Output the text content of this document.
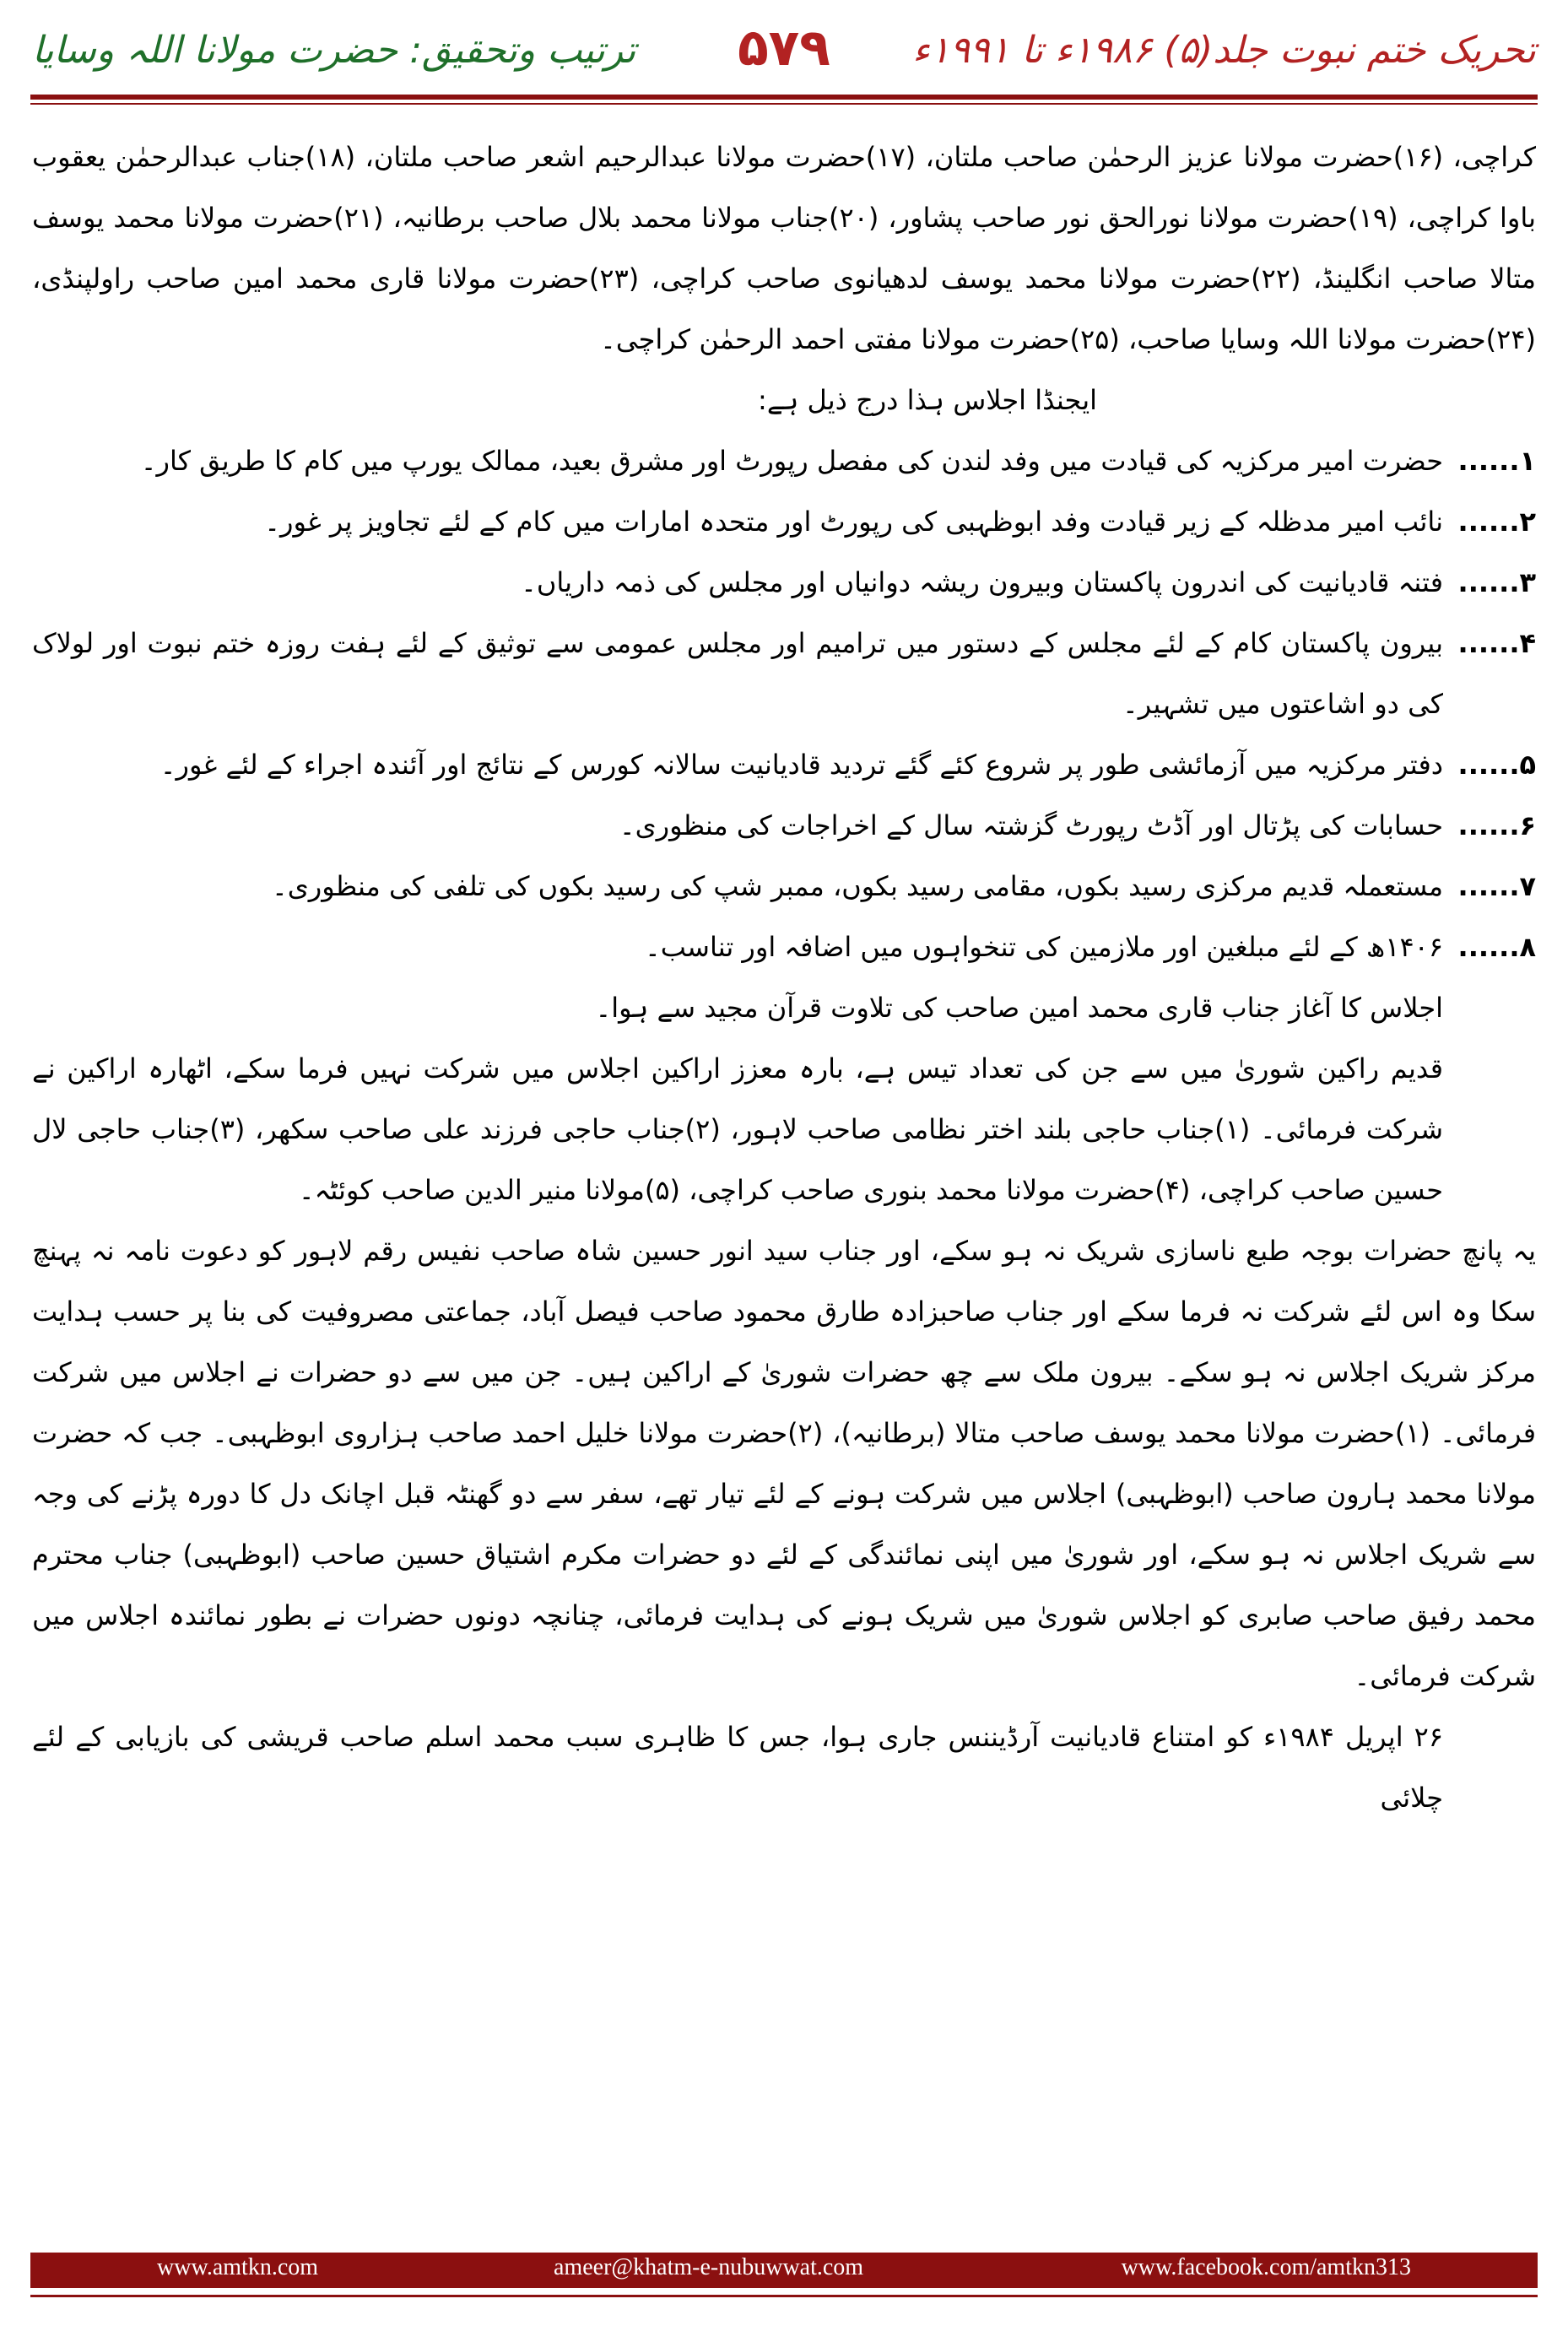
ترتیب وتحقیق: حضرت مولانا اللہ وسایا	۵۷۹	تحریک ختم نبوت جلد(۵) ۱۹۸۶ء تا ۱۹۹۱ء

کراچی، (۱۶)حضرت مولانا عزیز الرحمٰن صاحب ملتان، (۱۷)حضرت مولانا عبدالرحیم اشعر صاحب ملتان، (۱۸)جناب عبدالرحمٰن یعقوب باوا کراچی، (۱۹)حضرت مولانا نورالحق نور صاحب پشاور، (۲۰)جناب مولانا محمد بلال صاحب برطانیہ، (۲۱)حضرت مولانا محمد یوسف متالا صاحب انگلینڈ، (۲۲)حضرت مولانا محمد یوسف لدھیانوی صاحب کراچی، (۲۳)حضرت مولانا قاری محمد امین صاحب راولپنڈی، (۲۴)حضرت مولانا اللہ وسایا صاحب، (۲۵)حضرت مولانا مفتی احمد الرحمٰن کراچی۔

ایجنڈا اجلاس ہذا درج ذیل ہے:

۱......
حضرت امیر مرکزیہ کی قیادت میں وفد لندن کی مفصل رپورٹ اور مشرق بعید، ممالک یورپ میں کام کا طریق کار۔
۲......
نائب امیر مدظلہ کے زیر قیادت وفد ابوظہبی کی رپورٹ اور متحدہ امارات میں کام کے لئے تجاویز پر غور۔
۳......
فتنہ قادیانیت کی اندرون پاکستان وبیرون ریشہ دوانیاں اور مجلس کی ذمہ داریاں۔
۴......
بیرون پاکستان کام کے لئے مجلس کے دستور میں ترامیم اور مجلس عمومی سے توثیق کے لئے ہفت روزہ ختم نبوت اور لولاک کی دو اشاعتوں میں تشہیر۔
۵......
دفتر مرکزیہ میں آزمائشی طور پر شروع کئے گئے تردید قادیانیت سالانہ کورس کے نتائج اور آئندہ اجراء کے لئے غور۔
۶......
حسابات کی پڑتال اور آڈٹ رپورٹ گزشتہ سال کے اخراجات کی منظوری۔
۷......
مستعملہ قدیم مرکزی رسید بکوں، مقامی رسید بکوں، ممبر شپ کی رسید بکوں کی تلفی کی منظوری۔
۸......
۱۴۰۶ھ کے لئے مبلغین اور ملازمین کی تنخواہوں میں اضافہ اور تناسب۔

اجلاس کا آغاز جناب قاری محمد امین صاحب کی تلاوت قرآن مجید سے ہوا۔

قدیم راکین شوریٰ میں سے جن کی تعداد تیس ہے، بارہ معزز اراکین اجلاس میں شرکت نہیں فرما سکے، اٹھارہ اراکین نے شرکت فرمائی۔ (۱)جناب حاجی بلند اختر نظامی صاحب لاہور، (۲)جناب حاجی فرزند علی صاحب سکھر، (۳)جناب حاجی لال حسین صاحب کراچی، (۴)حضرت مولانا محمد بنوری صاحب کراچی، (۵)مولانا منیر الدین صاحب کوئٹہ۔

یہ پانچ حضرات بوجہ طبع ناسازی شریک نہ ہو سکے، اور جناب سید انور حسین شاہ صاحب نفیس رقم لاہور کو دعوت نامہ نہ پہنچ سکا وہ اس لئے شرکت نہ فرما سکے اور جناب صاحبزادہ طارق محمود صاحب فیصل آباد، جماعتی مصروفیت کی بنا پر حسب ہدایت مرکز شریک اجلاس نہ ہو سکے۔ بیرون ملک سے چھ حضرات شوریٰ کے اراکین ہیں۔ جن میں سے دو حضرات نے اجلاس میں شرکت فرمائی۔ (۱)حضرت مولانا محمد یوسف صاحب متالا (برطانیہ)، (۲)حضرت مولانا خلیل احمد صاحب ہزاروی ابوظہبی۔ جب کہ حضرت مولانا محمد ہارون صاحب (ابوظہبی) اجلاس میں شرکت ہونے کے لئے تیار تھے، سفر سے دو گھنٹہ قبل اچانک دل کا دورہ پڑنے کی وجہ سے شریک اجلاس نہ ہو سکے، اور شوریٰ میں اپنی نمائندگی کے لئے دو حضرات مکرم اشتیاق حسین صاحب (ابوظہبی) جناب محترم محمد رفیق صاحب صابری کو اجلاس شوریٰ میں شریک ہونے کی ہدایت فرمائی، چنانچہ دونوں حضرات نے بطور نمائندہ اجلاس میں شرکت فرمائی۔

۲۶ اپریل ۱۹۸۴ء کو امتناع قادیانیت آرڈیننس جاری ہوا، جس کا ظاہری سبب محمد اسلم صاحب قریشی کی بازیابی کے لئے چلائی

www.amtkn.com	ameer@khatm-e-nubuwwat.com	www.facebook.com/amtkn313
